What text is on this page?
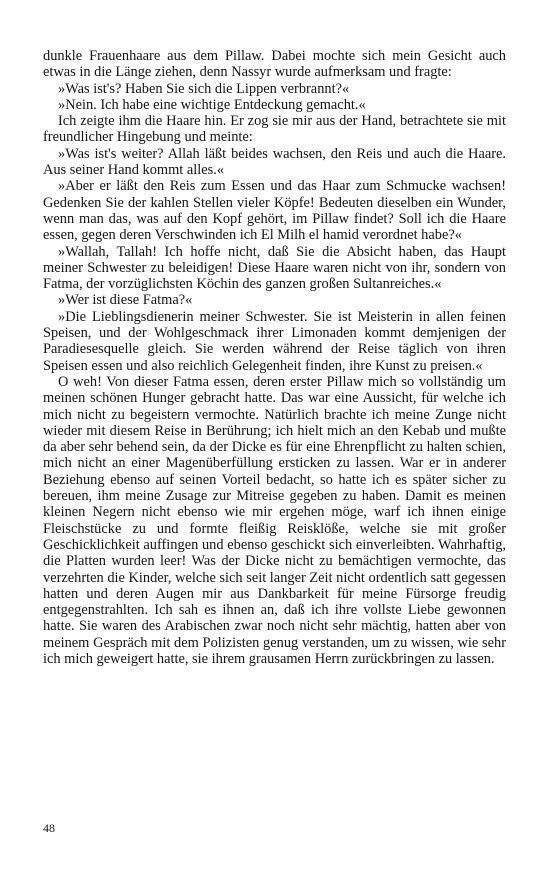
dunkle Frauenhaare aus dem Pillaw. Dabei mochte sich mein Gesicht auch etwas in die Länge ziehen, denn Nassyr wurde aufmerksam und fragte:

»Was ist's? Haben Sie sich die Lippen verbrannt?«

»Nein. Ich habe eine wichtige Entdeckung gemacht.«

Ich zeigte ihm die Haare hin. Er zog sie mir aus der Hand, betrachtete sie mit freundlicher Hingebung und meinte:

»Was ist's weiter? Allah läßt beides wachsen, den Reis und auch die Haare. Aus seiner Hand kommt alles.«

»Aber er läßt den Reis zum Essen und das Haar zum Schmucke wachsen! Gedenken Sie der kahlen Stellen vieler Köpfe! Bedeuten dieselben ein Wunder, wenn man das, was auf den Kopf gehört, im Pillaw findet? Soll ich die Haare essen, gegen deren Verschwinden ich El Milh el hamid verordnet habe?«

»Wallah, Tallah! Ich hoffe nicht, daß Sie die Absicht haben, das Haupt meiner Schwester zu beleidigen! Diese Haare waren nicht von ihr, sondern von Fatma, der vorzüglichsten Köchin des ganzen großen Sultanreiches.«

»Wer ist diese Fatma?«

»Die Lieblingsdienerin meiner Schwester. Sie ist Meisterin in allen feinen Speisen, und der Wohlgeschmack ihrer Limonaden kommt demjenigen der Paradiesesquelle gleich. Sie werden während der Reise täglich von ihren Speisen essen und also reichlich Gelegenheit finden, ihre Kunst zu preisen.«

O weh! Von dieser Fatma essen, deren erster Pillaw mich so vollständig um meinen schönen Hunger gebracht hatte. Das war eine Aussicht, für welche ich mich nicht zu begeistern vermochte. Natürlich brachte ich meine Zunge nicht wieder mit diesem Reise in Berührung; ich hielt mich an den Kebab und mußte da aber sehr behend sein, da der Dicke es für eine Ehrenpflicht zu halten schien, mich nicht an einer Magenüberfüllung ersticken zu lassen. War er in anderer Beziehung ebenso auf seinen Vorteil bedacht, so hatte ich es später sicher zu bereuen, ihm meine Zusage zur Mitreise gegeben zu haben. Damit es meinen kleinen Negern nicht ebenso wie mir ergehen möge, warf ich ihnen einige Fleischstücke zu und formte fleißig Reisklöße, welche sie mit großer Geschicklichkeit auffingen und ebenso geschickt sich einverleibten. Wahrhaftig, die Platten wurden leer! Was der Dicke nicht zu bemächtigen vermochte, das verzehrten die Kinder, welche sich seit langer Zeit nicht ordentlich satt gegessen hatten und deren Augen mir aus Dankbarkeit für meine Fürsorge freudig entgegenstrahlten. Ich sah es ihnen an, daß ich ihre vollste Liebe gewonnen hatte. Sie waren des Arabischen zwar noch nicht sehr mächtig, hatten aber von meinem Gespräch mit dem Polizisten genug verstanden, um zu wissen, wie sehr ich mich geweigert hatte, sie ihrem grausamen Herrn zurückbringen zu lassen.

48
